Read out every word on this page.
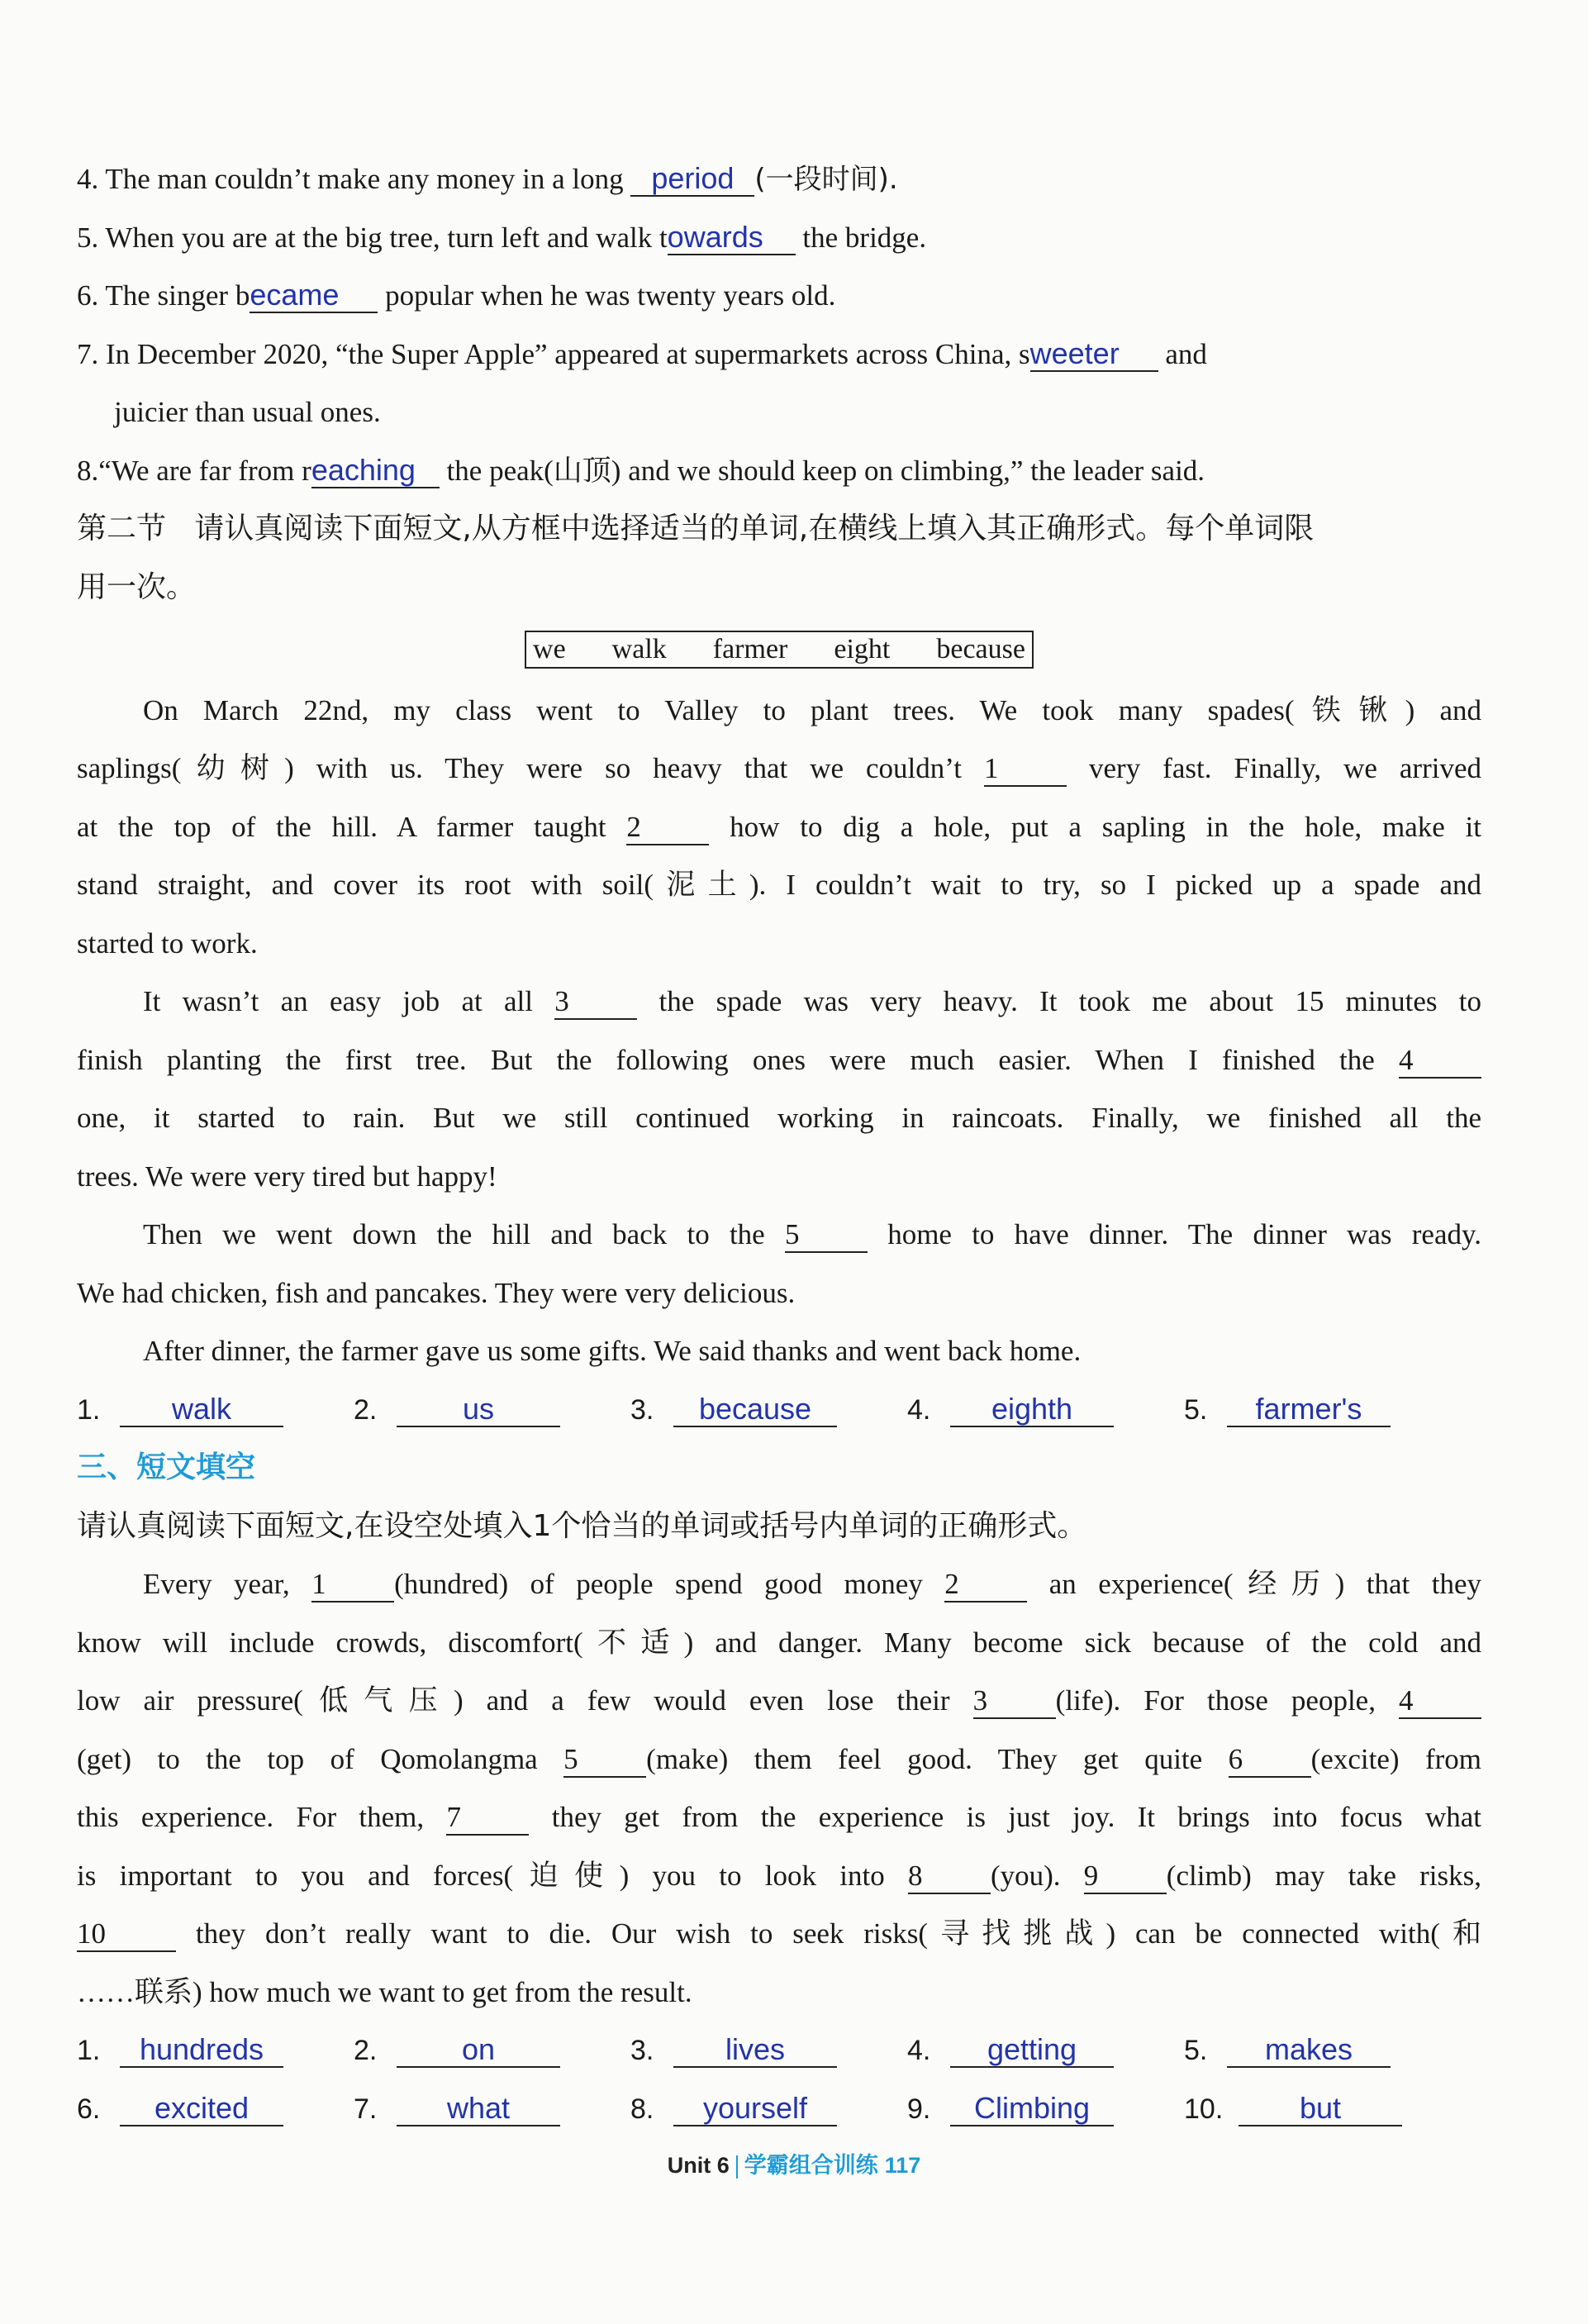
4. The man couldn’t make any money in a long period (一段时间).
5. When you are at the big tree, turn left and walk towards the bridge.
6. The singer became popular when he was twenty years old.
7. In December 2020, “the Super Apple” appeared at supermarkets across China, sweeter and
juicier than usual ones.
8.“We are far from reaching the peak(山顶) and we should keep on climbing,” the leader said.
第二节 请认真阅读下面短文,从方框中选择适当的单词,在横线上填入其正确形式。每个单词限
用一次。
we walk farmer eight because
On March 22nd, my class went to Valley to plant trees. We took many spades(铁锹) and
saplings(幼树) with us. They were so heavy that we couldn’t 1 very fast. Finally, we arrived
at the top of the hill. A farmer taught 2 how to dig a hole, put a sapling in the hole, make it
stand straight, and cover its root with soil(泥土). I couldn’t wait to try, so I picked up a spade and
started to work.
It wasn’t an easy job at all 3 the spade was very heavy. It took me about 15 minutes to
finish planting the first tree. But the following ones were much easier. When I finished the 4
one, it started to rain. But we still continued working in raincoats. Finally, we finished all the
trees. We were very tired but happy!
Then we went down the hill and back to the 5 home to have dinner. The dinner was ready.
We had chicken, fish and pancakes. They were very delicious.
After dinner, the farmer gave us some gifts. We said thanks and went back home.
1.	walk	2.	us	3.	because	4.	eighth	5.	farmer's
三、短文填空
请认真阅读下面短文,在设空处填入1个恰当的单词或括号内单词的正确形式。
Every year, 1 (hundred) of people spend good money 2 an experience(经历) that they
know will include crowds, discomfort(不适) and danger. Many become sick because of the cold and
low air pressure(低气压) and a few would even lose their 3 (life). For those people, 4
(get) to the top of Qomolangma 5 (make) them feel good. They get quite 6 (excite) from
this experience. For them, 7 they get from the experience is just joy. It brings into focus what
is important to you and forces(迫使) you to look into 8 (you). 9 (climb) may take risks,
10 they don’t really want to die. Our wish to seek risks(寻找挑战) can be connected with(和
……联系) how much we want to get from the result.
1.	hundreds	2.	on	3.	lives	4.	getting	5.	makes
6.	excited	7.	what	8.	yourself	9.	Climbing	10.	but
Unit 6 学霸组合训练 117
